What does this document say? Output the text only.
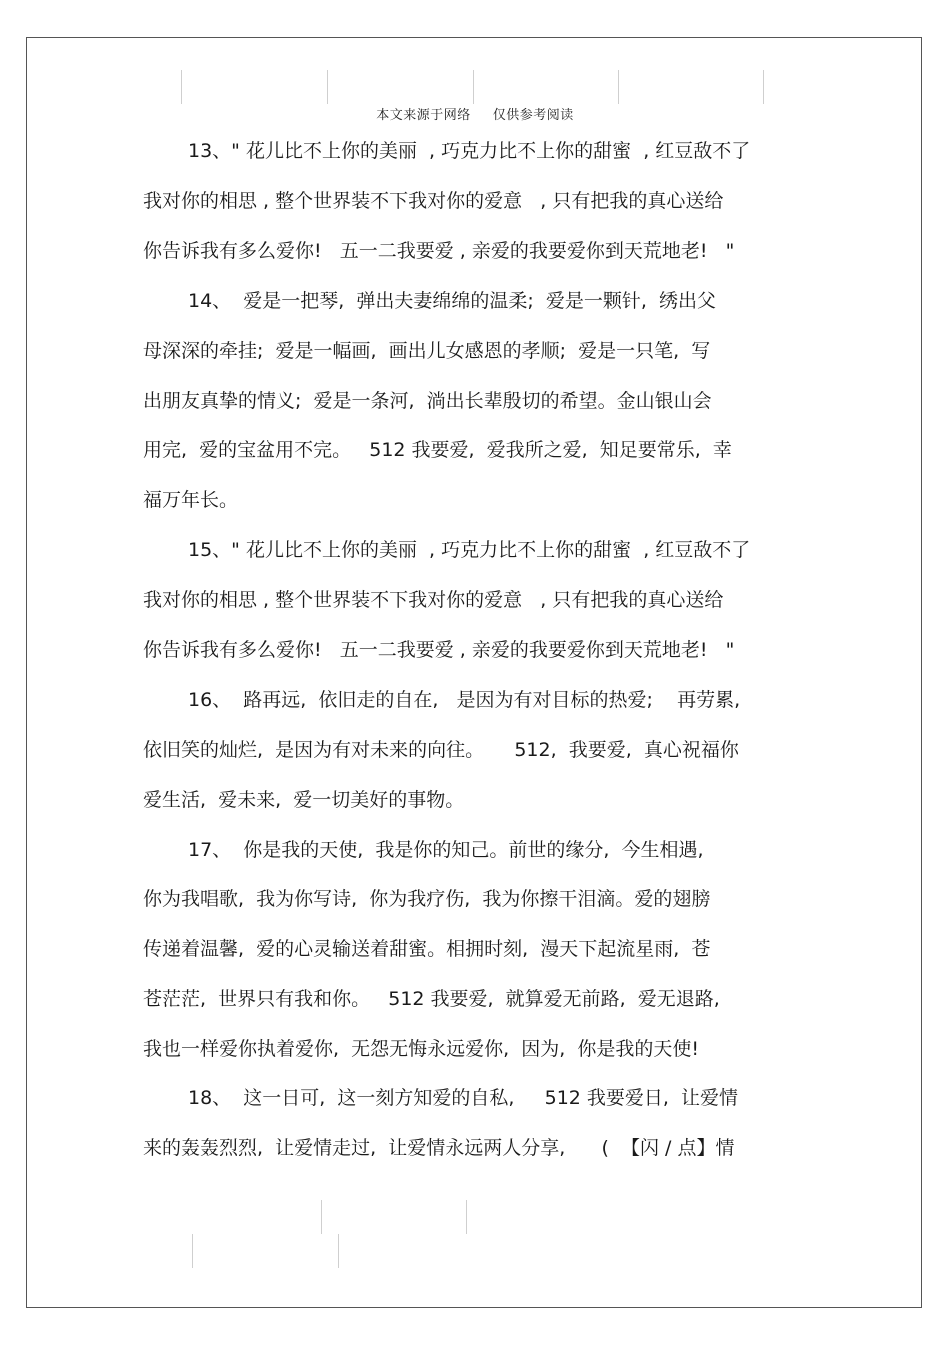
本文来源于网络 仅供参考阅读
13、" 花儿比不上你的美丽  , 巧克力比不上你的甜蜜  , 红豆敌不了
我对你的相思 , 整个世界装不下我对你的爱意   , 只有把我的真心送给
你告诉我有多么爱你!   五一二我要爱 , 亲爱的我要爱你到天荒地老!   "
14、  爱是一把琴,  弹出夫妻绵绵的温柔;  爱是一颗针,  绣出父
母深深的牵挂;  爱是一幅画,  画出儿女感恩的孝顺;  爱是一只笔,  写
出朋友真挚的情义;  爱是一条河,  淌出长辈殷切的希望。金山银山会
用完,  爱的宝盆用不完。   512 我要爱,  爱我所之爱,  知足要常乐,  幸
福万年长。
15、" 花儿比不上你的美丽  , 巧克力比不上你的甜蜜  , 红豆敌不了
我对你的相思 , 整个世界装不下我对你的爱意   , 只有把我的真心送给
你告诉我有多么爱你!   五一二我要爱 , 亲爱的我要爱你到天荒地老!   "
16、  路再远,  依旧走的自在,   是因为有对目标的热爱;    再劳累,
依旧笑的灿烂,  是因为有对未来的向往。     512,  我要爱,  真心祝福你
爱生活,  爱未来,  爱一切美好的事物。
17、  你是我的天使,  我是你的知己。前世的缘分,  今生相遇,
你为我唱歌,  我为你写诗,  你为我疗伤,  我为你擦干泪滴。爱的翅膀
传递着温馨,  爱的心灵输送着甜蜜。相拥时刻,  漫天下起流星雨,  苍
苍茫茫,  世界只有我和你。   512 我要爱,  就算爱无前路,  爱无退路,
我也一样爱你执着爱你,  无怨无悔永远爱你,  因为,  你是我的天使!
18、  这一日可,  这一刻方知爱的自私,     512 我要爱日,  让爱情
来的轰轰烈烈,  让爱情走过,  让爱情永远两人分享,      (  【闪 / 点】情
